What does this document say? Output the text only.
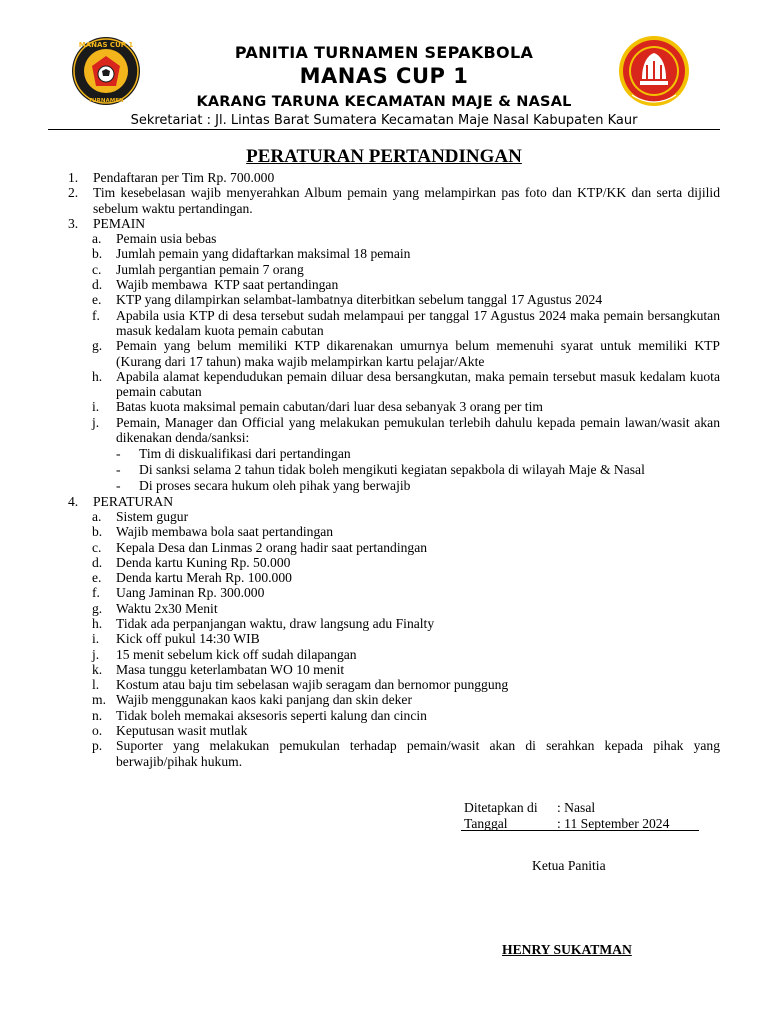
MANAS CUP 1
TURNAMEN
PANITIA TURNAMEN SEPAKBOLA
MANAS CUP 1
KARANG TARUNA KECAMATAN MAJE & NASAL
Sekretariat : Jl. Lintas Barat Sumatera Kecamatan Maje Nasal Kabupaten Kaur
PERATURAN PERTANDINGAN
1. Pendaftaran per Tim Rp. 700.000
2. Tim kesebelasan wajib menyerahkan Album pemain yang melampirkan pas foto dan KTP/KK dan serta dijilid sebelum waktu pertandingan.
3. PEMAIN
a. Pemain usia bebas
b. Jumlah pemain yang didaftarkan maksimal 18 pemain
c. Jumlah pergantian pemain 7 orang
d. Wajib membawa  KTP saat pertandingan
e. KTP yang dilampirkan selambat-lambatnya diterbitkan sebelum tanggal 17 Agustus 2024
f. Apabila usia KTP di desa tersebut sudah melampaui per tanggal 17 Agustus 2024 maka pemain bersangkutan masuk kedalam kuota pemain cabutan
g. Pemain yang belum memiliki KTP dikarenakan umurnya belum memenuhi syarat untuk memiliki KTP (Kurang dari 17 tahun) maka wajib melampirkan kartu pelajar/Akte
h. Apabila alamat kependudukan pemain diluar desa bersangkutan, maka pemain tersebut masuk kedalam kuota pemain cabutan
i. Batas kuota maksimal pemain cabutan/dari luar desa sebanyak 3 orang per tim
j. Pemain, Manager dan Official yang melakukan pemukulan terlebih dahulu kepada pemain lawan/wasit akan dikenakan denda/sanksi:
- Tim di diskualifikasi dari pertandingan
- Di sanksi selama 2 tahun tidak boleh mengikuti kegiatan sepakbola di wilayah Maje & Nasal
- Di proses secara hukum oleh pihak yang berwajib
4. PERATURAN
a. Sistem gugur
b. Wajib membawa bola saat pertandingan
c. Kepala Desa dan Linmas 2 orang hadir saat pertandingan
d. Denda kartu Kuning Rp. 50.000
e. Denda kartu Merah Rp. 100.000
f. Uang Jaminan Rp. 300.000
g. Waktu 2x30 Menit
h. Tidak ada perpanjangan waktu, draw langsung adu Finalty
i. Kick off pukul 14:30 WIB
j. 15 menit sebelum kick off sudah dilapangan
k. Masa tunggu keterlambatan WO 10 menit
l. Kostum atau baju tim sebelasan wajib seragam dan bernomor punggung
m. Wajib menggunakan kaos kaki panjang dan skin deker
n. Tidak boleh memakai aksesoris seperti kalung dan cincin
o. Keputusan wasit mutlak
p. Suporter yang melakukan pemukulan terhadap pemain/wasit akan di serahkan kepada pihak yang berwajib/pihak hukum.
Ditetapkan di : Nasal
Tanggal	: 11 September 2024
Ketua Panitia
HENRY SUKATMAN
